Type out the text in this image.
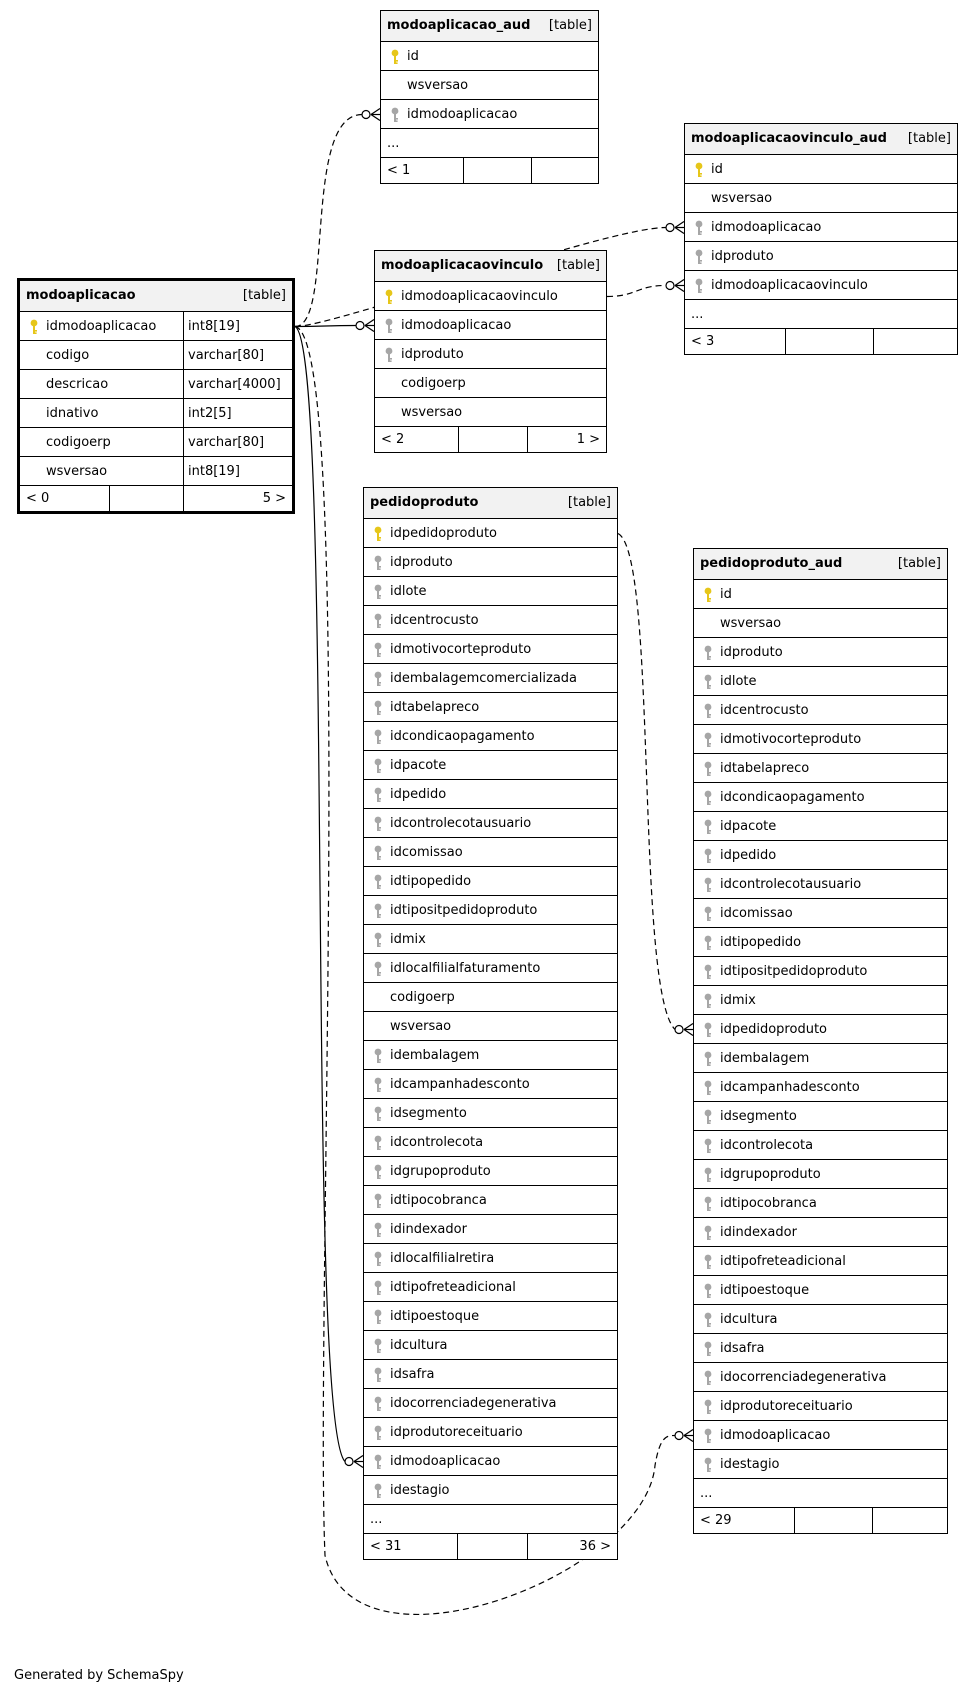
modoaplicacao_aud [table]
id
wsversao
idmodoaplicacao
...
< 1
modoaplicacaovinculo_aud [table]
id
wsversao
idmodoaplicacao
idproduto
idmodoaplicacaovinculo
...
< 3
modoaplicacao	[table]
idmodoaplicacao	int8[19]
codigo	varchar[80]
descricao	varchar[4000]
idnativo	int2[5]
codigoerp	varchar[80]
wsversao	int8[19]
< 0	5 >
modoaplicacaovinculo [table]
idmodoaplicacaovinculo
idmodoaplicacao
idproduto
codigoerp
wsversao
< 2	1 >
pedidoproduto	[table]
idpedidoproduto
idproduto
idlote
idcentrocusto
idmotivocorteproduto
idembalagemcomercializada
idtabelapreco
idcondicaopagamento
idpacote
idpedido
idcontrolecotausuario
idcomissao
idtipopedido
idtipositpedidoproduto
idmix
idlocalfilialfaturamento
codigoerp
wsversao
idembalagem
idcampanhadesconto
idsegmento
idcontrolecota
idgrupoproduto
idtipocobranca
idindexador
idlocalfilialretira
idtipofreteadicional
idtipoestoque
idcultura
idsafra
idocorrenciadegenerativa
idprodutoreceituario
idmodoaplicacao
idestagio
...
< 31	36 >
pedidoproduto_aud	[table]
id
wsversao
idproduto
idlote
idcentrocusto
idmotivocorteproduto
idtabelapreco
idcondicaopagamento
idpacote
idpedido
idcontrolecotausuario
idcomissao
idtipopedido
idtipositpedidoproduto
idmix
idpedidoproduto
idembalagem
idcampanhadesconto
idsegmento
idcontrolecota
idgrupoproduto
idtipocobranca
idindexador
idtipofreteadicional
idtipoestoque
idcultura
idsafra
idocorrenciadegenerativa
idprodutoreceituario
idmodoaplicacao
idestagio
...
< 29
Generated by SchemaSpy
